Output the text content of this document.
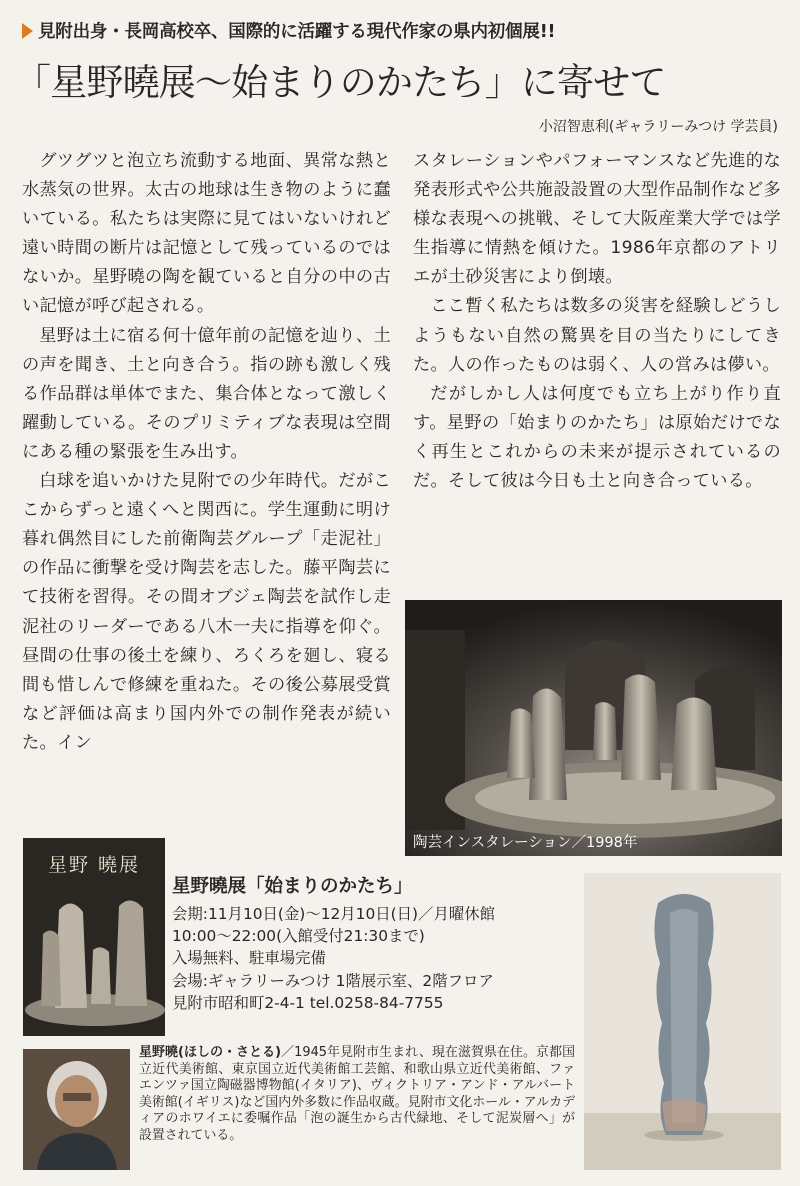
見附出身・長岡高校卒、国際的に活躍する現代作家の県内初個展!!
「星野曉展〜始まりのかたち」に寄せて
小沼智恵利(ギャラリーみつけ 学芸員)

グツグツと泡立ち流動する地面、異常な熱と水蒸気の世界。太古の地球は生き物のように蠢いている。私たちは実際に見てはいないけれど遠い時間の断片は記憶として残っているのではないか。星野曉の陶を観ていると自分の中の古い記憶が呼び起される。

星野は土に宿る何十億年前の記憶を辿り、土の声を聞き、土と向き合う。指の跡も激しく残る作品群は単体でまた、集合体となって激しく躍動している。そのプリミティブな表現は空間にある種の緊張を生み出す。

白球を追いかけた見附での少年時代。だがここからずっと遠くへと関西に。学生運動に明け暮れ偶然目にした前衛陶芸グループ「走泥社」の作品に衝撃を受け陶芸を志した。藤平陶芸にて技術を習得。その間オブジェ陶芸を試作し走泥社のリーダーである八木一夫に指導を仰ぐ。昼間の仕事の後土を練り、ろくろを廻し、寝る間も惜しんで修練を重ねた。その後公募展受賞など評価は高まり国内外での制作発表が続いた。イン

スタレーションやパフォーマンスなど先進的な発表形式や公共施設設置の大型作品制作など多様な表現への挑戦、そして大阪産業大学では学生指導に情熱を傾けた。1986年京都のアトリエが土砂災害により倒壊。

ここ暫く私たちは数多の災害を経験しどうしようもない自然の驚異を目の当たりにしてきた。人の作ったものは弱く、人の営みは儚い。

だがしかし人は何度でも立ち上がり作り直す。星野の「始まりのかたち」は原始だけでなく再生とこれからの未来が提示されているのだ。そして彼は今日も土と向き合っている。

陶芸インスタレーション／1998年
星野 曉展
星野曉展「始まりのかたち」
会期:11月10日(金)〜12月10日(日)／月曜休館
10:00〜22:00(入館受付21:30まで)
入場無料、駐車場完備
会場:ギャラリーみつけ 1階展示室、2階フロア
見附市昭和町2-4-1 tel.0258-84-7755
星野曉(ほしの・さとる)／1945年見附市生まれ、現在滋賀県在住。京都国立近代美術館、東京国立近代美術館工芸館、和歌山県立近代美術館、ファエンツァ国立陶磁器博物館(イタリア)、ヴィクトリア・アンド・アルバート美術館(イギリス)など国内外多数に作品収蔵。見附市文化ホール・アルカディアのホワイエに委嘱作品「泡の誕生から古代緑地、そして泥炭層へ」が設置されている。
